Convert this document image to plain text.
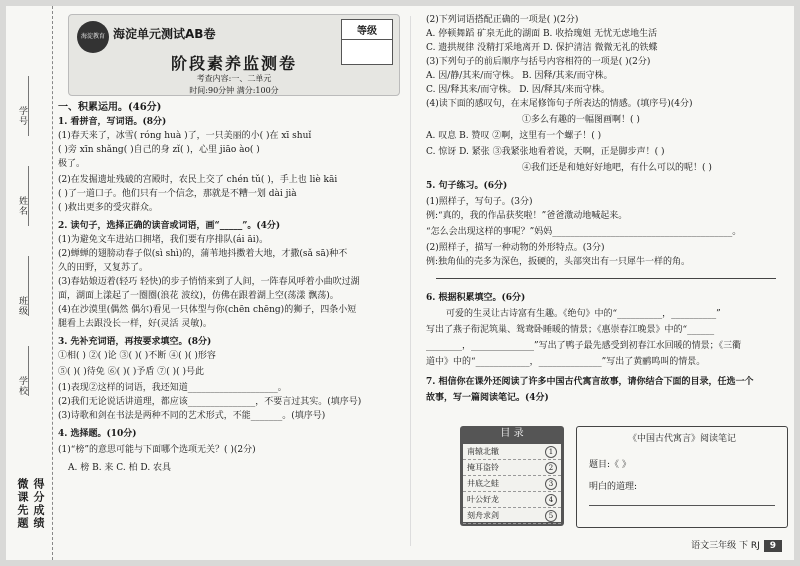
学号
姓名
班级
学校
微课先题 得分成绩
海淀教育 海淀单元测试AB卷	等级
阶段素养监测卷
考查内容:一、二单元
时间:90分钟 满分:100分
一、积累运用。(46分)
1. 看拼音，写词语。(8分)
(1)春天来了，冰雪( róng huà )了，一只美丽的小( )在 xī shuǐ
( )旁 xīn shǎng( )自己的身 zǐ( )，心里 jiāo ào( )
极了。
(2)在发掘遗址残破的宫殿时，农民上交了 chén tǔ( )，手上也 liè kāi
( )了一道口子。他们只有一个信念，那就是不糟一划 dài jià
( )救出更多的受灾群众。
2. 读句子，选择正确的读音或词语，画“_____”。(4分)
(1)为避免文车进站口拥堵，我们要有序排队(ái āi)。
(2)蝉蝉的翅膀动春子似(sì shì)的，蒲苇地抖擞着大地，才撒(sǎ sā)种不
久的田野，又复苏了。
(3)春姑娘迈着(轻巧 轻快)的步子悄悄来到了人间，一阵春风呼着小曲吹过湖
面，湖面上漾起了一圈圈(浪花 波纹)，仿佛在跟着湖上空(荡漾 飘荡)。
(4)在沙漠里(偶然 偶尔)看见一只体型与你(chēn chēng)的狮子，四条小短
腿看上去跟没长一样，好(灵活 灵敏)。
3. 先补充词语，再按要求填空。(8分)
①相( ) ②( )论 ③( )( )不断 ④( )( )形容
⑤( )( )待免 ⑥( )( )予盾 ⑦( )( )号此
(1)表现②这样的词语，我还知道____________________。
(2)我们无论说话讲道理，都应该_______________，不要言过其实。(填序号)
(3)诗歌和剑在书法是两种不同的艺术形式，不能_______。(填序号)
4. 选择题。(10分)
(1)“榜”的意思可能与下面哪个选项无关？( )(2分)
A. 榜 B. 来 C. 柏 D. 农具
(2)下列词语搭配正确的一项是( )(2分)
A. 停顿舞蹈 矿泉无此的湖面 B. 收拾瑰姐 无忧无虑地生活
C. 遗拱规律 没精打采地离开 D. 保护清洁 微微无礼的铁蝶
(3)下列句子的前后顺序与括号内容相符的一项是( )(2分)
A. 因/静/其来/而守株。 B. 因释/其来/而守株。
C. 因/释其来/而守株。 D. 因/释其/来而守株。
(4)读下面的感叹句，在末尾修饰句子所表达的情感。(填序号)(4分)
①多么有趣的一幅图画啊！( )
A. 叹息 B. 赞叹 ②啊，这里有一个螺子！( )
C. 惊讶 D. 紧张 ③我紧张地看着说，天啊，正是脚步声！( )
④我们还是和她好好地吧，有什么可以的呢！( )
5. 句子练习。(6分)
(1)照样子，写句子。(3分)
例:“真的，我的作品获奖啦！”爸爸激动地喊起来。
“怎么会出现这样的事呢？”妈妈________________________________________。
(2)照样子，描写一种动物的外形特点。(3分)
例:独角仙的壳多为深色，扳硬的，头部突出有一只犀牛一样的角。
6. 根据积累填空。(6分)
可爱的生灵让古诗富有生趣。《绝句》中的“__________，__________”
写出了燕子衔泥筑巢、鸳鸯卧睡暖的情景；《惠崇春江晚景》中的“______
________，______________”写出了鸭子最先感受到初春江水回暖的情景；《三衢
道中》中的“____________，______________”写出了黄鹂鸣叫的情景。
7. 相信你在课外还阅读了许多中国古代寓言故事，请你结合下面的目录，任选一个
故事，写一篇阅读笔记。(4分)
目 录
南辕北辙	1
掩耳盗铃	2
井底之蛙	3
叶公好龙	4
刻舟求剑	5
《中国古代寓言》阅读笔记
题目:《 》
明白的道理:
语文三年级 下 RJ 9
